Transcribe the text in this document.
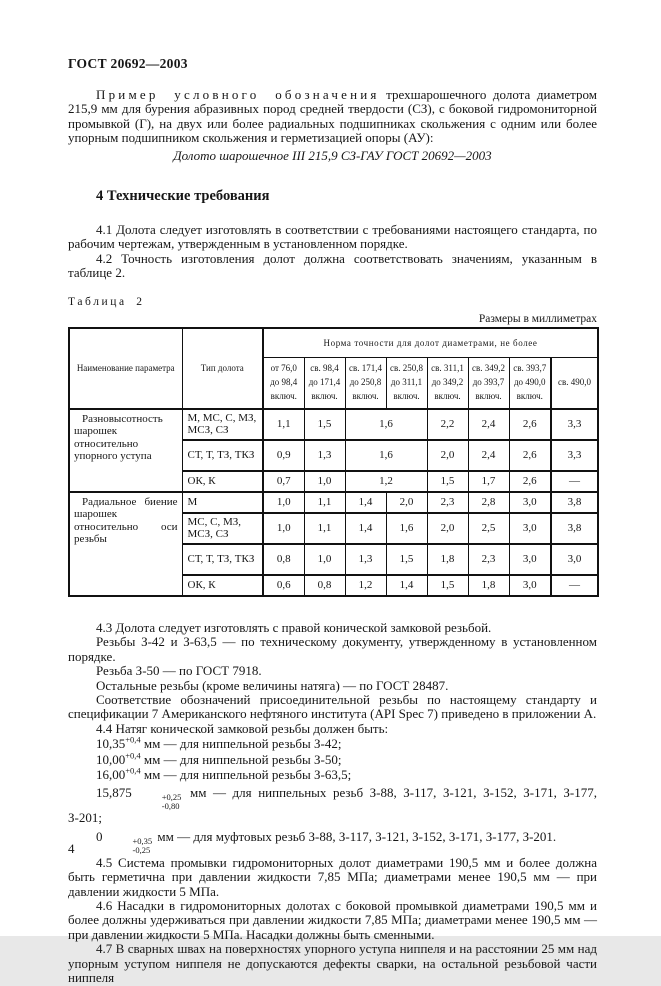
ГОСТ 20692—2003

Пример условного обозначения трехшарошечного долота диаметром 215,9 мм для бурения абразивных пород средней твердости (СЗ), с боковой гидромониторной промывкой (Г), на двух или более радиальных подшипниках скольжения с одним или более упорным подшипником скольжения и герметизацией опоры (АУ):

Долото шарошечное III 215,9 СЗ-ГАУ ГОСТ 20692—2003

4 Технические требования

4.1 Долота следует изготовлять в соответствии с требованиями настоящего стандарта, по рабочим чертежам, утвержденным в установленном порядке.

4.2 Точность изготовления долот должна соответствовать значениям, указанным в таблице 2.

Таблица 2
Размеры в миллиметрах
Наименование параметра	Тип долота	Норма точности для долот диаметрами, не более							
		от 76,0 до 98,4 включ.	св. 98,4 до 171,4 включ.	св. 171,4 до 250,8 включ.	св. 250,8 до 311,1 включ.	св. 311,1 до 349,2 включ.	св. 349,2 до 393,7 включ.	св. 393,7 до 490,0 включ.	св. 490,0
Разновысотность шарошек относительно упорного уступа	М, МС, С, МЗ, МСЗ, СЗ	1,1	1,5	1,6		2,2	2,4	2,6	3,3
	СТ, Т, ТЗ, ТКЗ	0,9	1,3	1,6		2,0	2,4	2,6	3,3
	ОК, К	0,7	1,0	1,2		1,5	1,7	2,6	—
Радиальное биение шарошек относительно оси резьбы	М	1,0	1,1	1,4	2,0	2,3	2,8	3,0	3,8
	МС, С, МЗ, МСЗ, СЗ	1,0	1,1	1,4	1,6	2,0	2,5	3,0	3,8
	СТ, Т, ТЗ, ТКЗ	0,8	1,0	1,3	1,5	1,8	2,3	3,0	3,0
	ОК, К	0,6	0,8	1,2	1,4	1,5	1,8	3,0	—

4.3 Долота следует изготовлять с правой конической замковой резьбой.

Резьбы З-42 и З-63,5 — по техническому документу, утвержденному в установленном порядке.

Резьба З-50 — по ГОСТ 7918.

Остальные резьбы (кроме величины натяга) — по ГОСТ 28487.

Соответствие обозначений присоединительной резьбы по настоящему стандарту и спецификации 7 Американского нефтяного института (API Spec 7) приведено в приложении А.

4.4 Натяг конической замковой резьбы должен быть:

$10,35^{+0,4}$ мм — для ниппельной резьбы З-42;

$10,00^{+0,4}$ мм — для ниппельной резьбы З-50;

$16,00^{+0,4}$ мм — для ниппельной резьбы З-63,5;

15,875	+0,25
-0,80
мм — для ниппельных резьб З-88, З-117, З-121, З-152, З-171, З-177, З-201;

0	+0,35
-0,25
мм — для муфтовых резьб З-88, З-117, З-121, З-152, З-171, З-177, З-201.

4.5 Система промывки гидромониторных долот диаметрами 190,5 мм и более должна быть герметична при давлении жидкости 7,85 МПа; диаметрами менее 190,5 мм — при давлении жидкости 5 МПа.

4.6 Насадки в гидромониторных долотах с боковой промывкой диаметрами 190,5 мм и более должны удерживаться при давлении жидкости 7,85 МПа; диаметрами менее 190,5 мм — при давлении жидкости 5 МПа. Насадки должны быть сменными.

4.7 В сварных швах на поверхностях упорного уступа ниппеля и на расстоянии 25 мм над упорным уступом ниппеля не допускаются дефекты сварки, на остальной резьбовой части ниппеля

4
